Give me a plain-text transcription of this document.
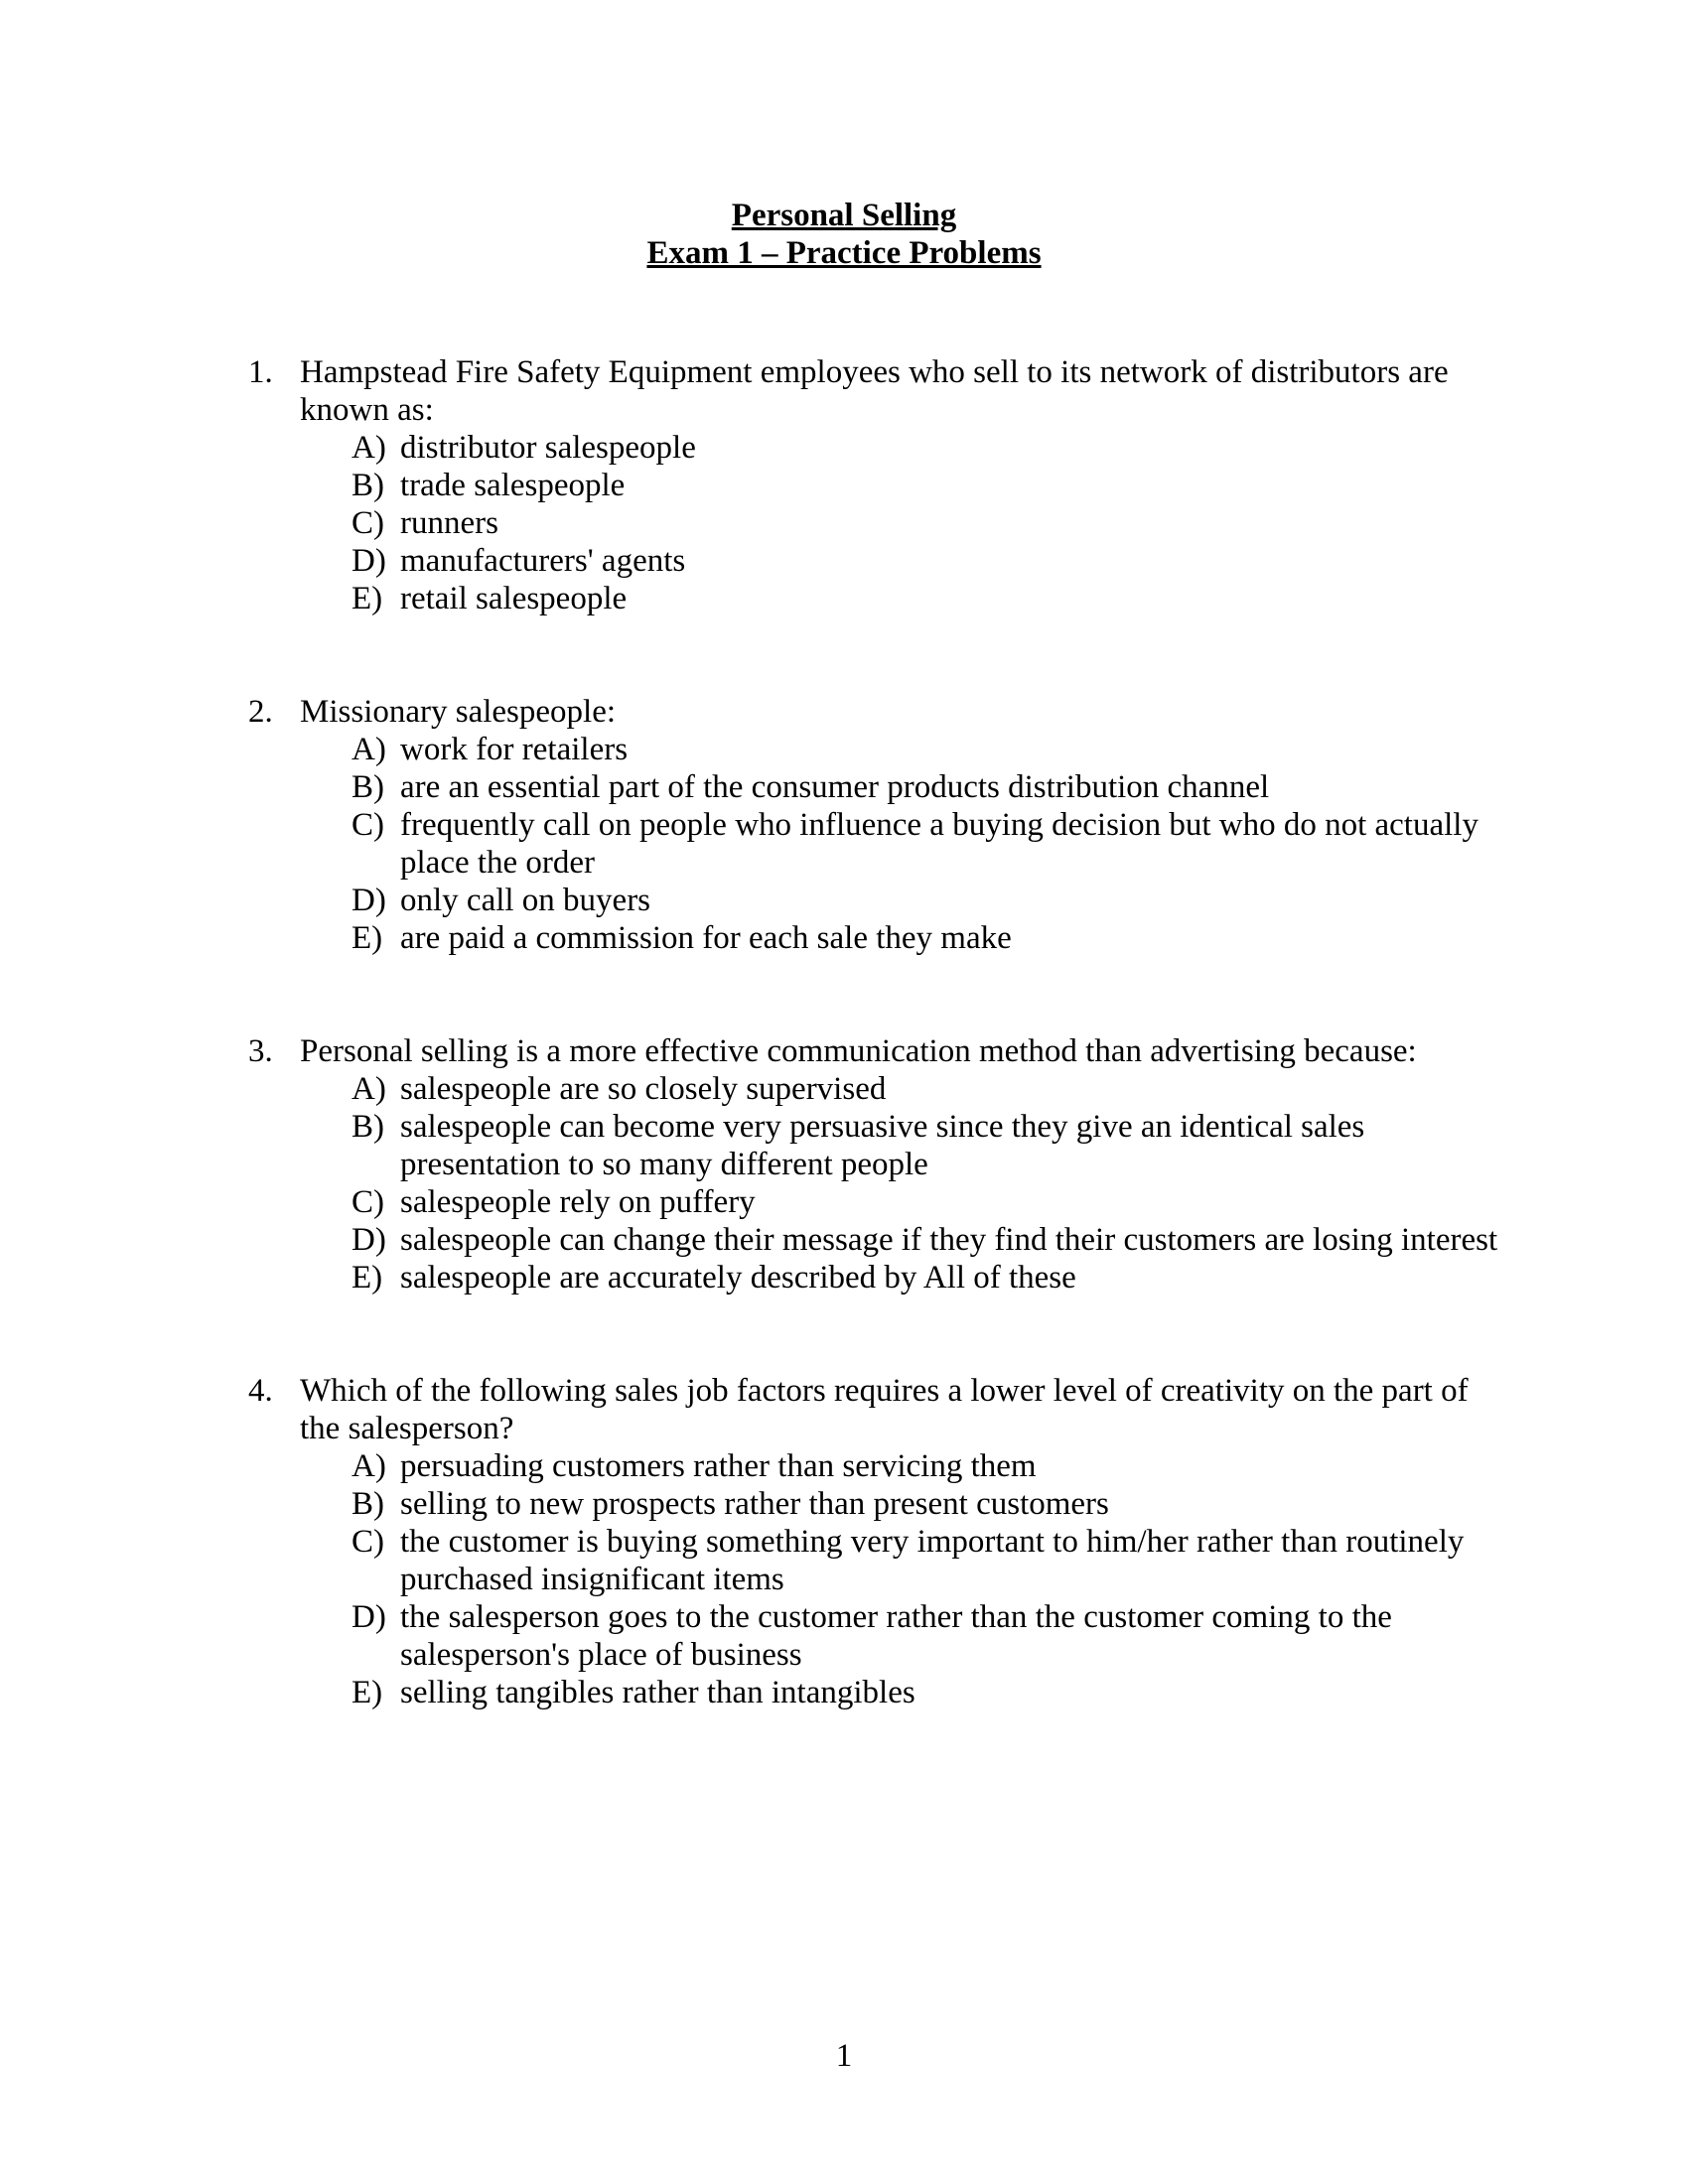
Personal Selling
Exam 1 – Practice Problems
1. Hampstead Fire Safety Equipment employees who sell to its network of distributors are known as:
A) distributor salespeople
B) trade salespeople
C) runners
D) manufacturers' agents
E) retail salespeople
2. Missionary salespeople:
A) work for retailers
B) are an essential part of the consumer products distribution channel
C) frequently call on people who influence a buying decision but who do not actually place the order
D) only call on buyers
E) are paid a commission for each sale they make
3. Personal selling is a more effective communication method than advertising because:
A) salespeople are so closely supervised
B) salespeople can become very persuasive since they give an identical sales presentation to so many different people
C) salespeople rely on puffery
D) salespeople can change their message if they find their customers are losing interest
E) salespeople are accurately described by All of these
4. Which of the following sales job factors requires a lower level of creativity on the part of the salesperson?
A) persuading customers rather than servicing them
B) selling to new prospects rather than present customers
C) the customer is buying something very important to him/her rather than routinely purchased insignificant items
D) the salesperson goes to the customer rather than the customer coming to the salesperson's place of business
E) selling tangibles rather than intangibles
1
